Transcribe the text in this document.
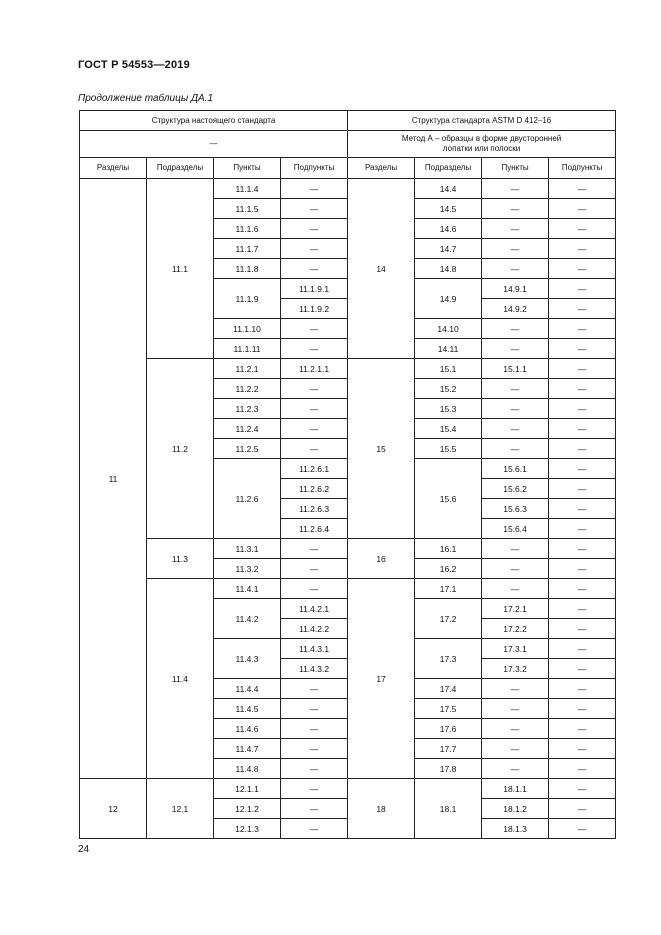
ГОСТ Р 54553—2019
Продолжение таблицы ДА.1
Структура настоящего стандарта				Структура стандарта ASTM D 412–16			
—				Метод А – образцы в форме двусторонней лопатки или полоски			
Разделы	Подразделы	Пункты	Подпункты	Разделы	Подразделы	Пункты	Подпункты
11	11.1	11.1.4	—	14	14.4	—	—
		11.1.5	—		14.5	—	—
		11.1.6	—		14.6	—	—
		11.1.7	—		14.7	—	—
		11.1.8	—		14.8	—	—
		11.1.9	11.1.9.1		14.9	14.9.1	—
			11.1.9.2			14.9.2	—
		11.1.10	—		14.10	—	—
		11.1.11	—		14.11	—	—
	11.2	11.2.1	11.2.1.1	15	15.1	15.1.1	—
		11.2.2	—		15.2	—	—
		11.2.3	—		15.3	—	—
		11.2.4	—		15.4	—	—
		11.2.5	—		15.5	—	—
		11.2.6	11.2.6.1		15.6	15.6.1	—
			11.2.6.2			15.6.2	—
			11.2.6.3			15.6.3	—
			11.2.6.4			15.6.4	—
	11.3	11.3.1	—	16	16.1	—	—
		11.3.2	—		16.2	—	—
	11.4	11.4.1	—	17	17.1	—	—
		11.4.2	11.4.2.1		17.2	17.2.1	—
			11.4.2.2			17.2.2	—
		11.4.3	11.4.3.1		17.3	17.3.1	—
			11.4.3.2			17.3.2	—
		11.4.4	—		17.4	—	—
		11.4.5	—		17.5	—	—
		11.4.6	—		17.6	—	—
		11.4.7	—		17.7	—	—
		11.4.8	—		17.8	—	—
12	12.1	12.1.1	—	18	18.1	18.1.1	—
		12.1.2	—			18.1.2	—
		12.1.3	—			18.1.3	—
24
